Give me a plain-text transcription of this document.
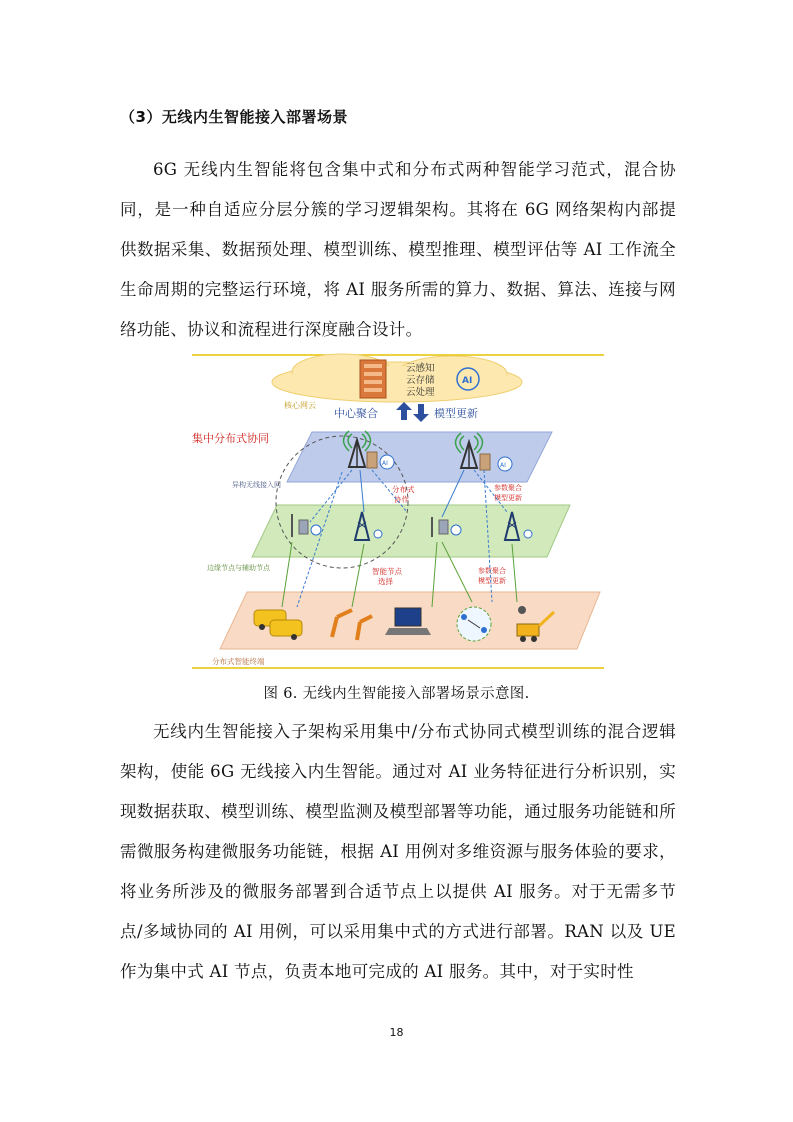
（3）无线内生智能接入部署场景

6G 无线内生智能将包含集中式和分布式两种智能学习范式，混合协同，是一种自适应分层分簇的学习逻辑架构。其将在 6G 网络架构内部提供数据采集、数据预处理、模型训练、模型推理、模型评估等 AI 工作流全生命周期的完整运行环境，将 AI 服务所需的算力、数据、算法、连接与网络功能、协议和流程进行深度融合设计。

云感知
云存储
云处理
AI
核心网云
中心聚合	模型更新
集中分布式协同
异构无线接入网
边缘节点与辅助节点
分布式智能终端
AI	AI
分布式
协作
参数聚合
模型更新
智能节点
选择
参数聚合
模型更新
图 6. 无线内生智能接入部署场景示意图.

无线内生智能接入子架构采用集中/分布式协同式模型训练的混合逻辑架构，使能 6G 无线接入内生智能。通过对 AI 业务特征进行分析识别，实现数据获取、模型训练、模型监测及模型部署等功能，通过服务功能链和所需微服务构建微服务功能链，根据 AI 用例对多维资源与服务体验的要求，将业务所涉及的微服务部署到合适节点上以提供 AI 服务。对于无需多节点/多域协同的 AI 用例，可以采用集中式的方式进行部署。RAN 以及 UE 作为集中式 AI 节点，负责本地可完成的 AI 服务。其中，对于实时性

18
